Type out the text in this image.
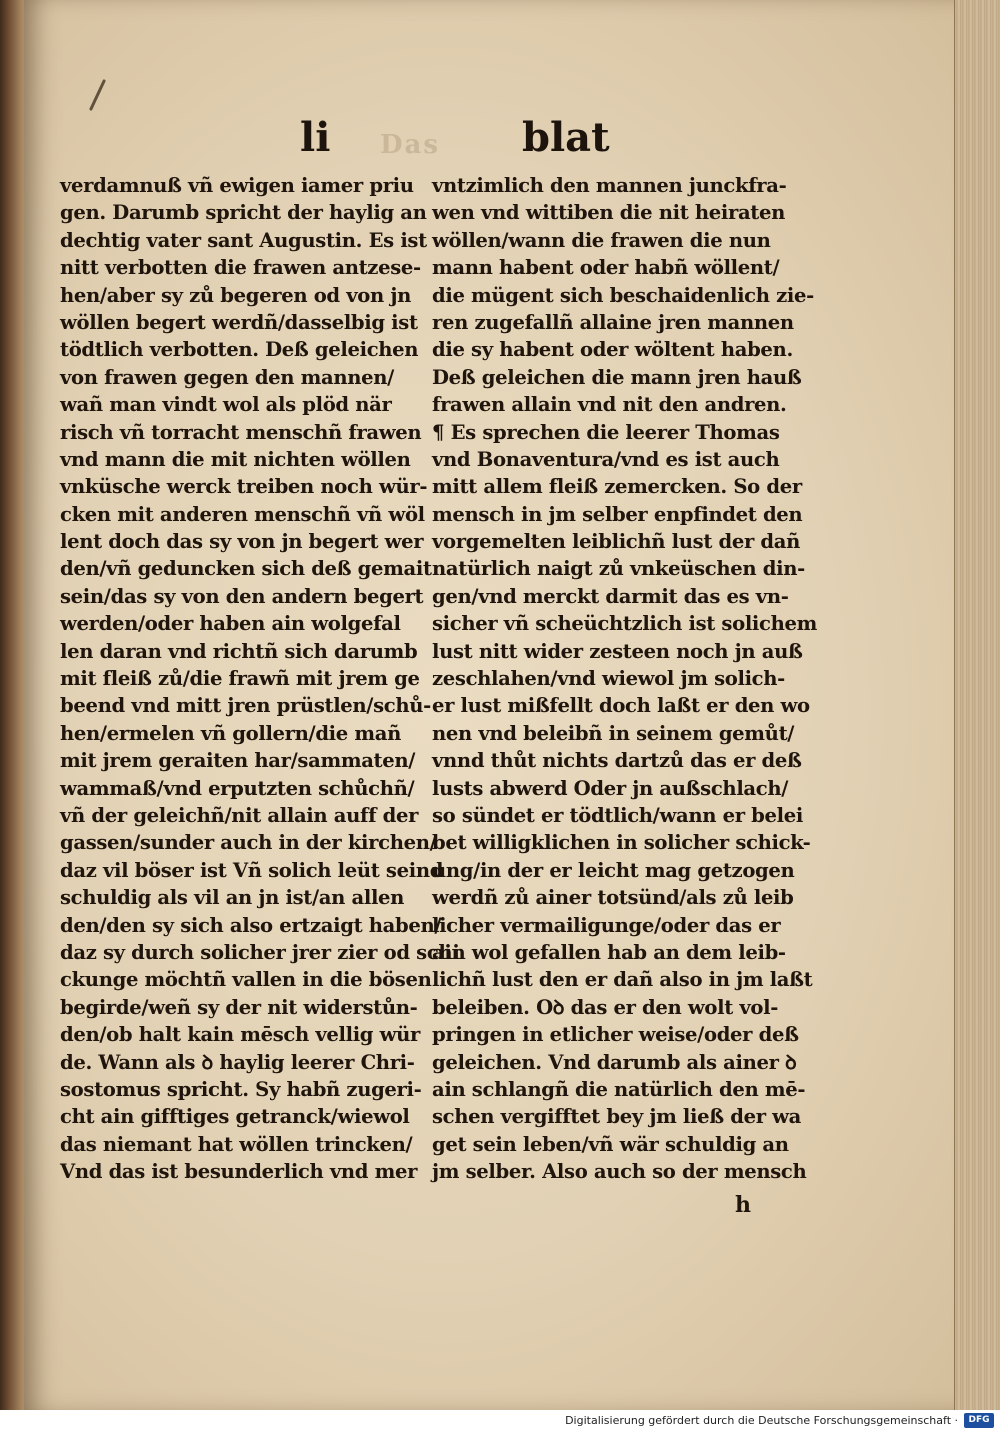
Das
li	blat
verdamnuß vñ ewigen iamer priu
gen. Darumb spricht der haylig an
dechtig vater sant Augustin. Es ist
nitt verbotten die frawen antzese-
hen/aber sy zů begeren od von jn
wöllen begert werdñ/dasselbig ist
tödtlich verbotten. Deß geleichen
von frawen gegen den mannen/
wañ man vindt wol als plöd när
risch vñ torracht menschñ frawen
vnd mann die mit nichten wöllen
vnküsche werck treiben noch wür-
cken mit anderen menschñ vñ wöl
lent doch das sy von jn begert wer
den/vñ geduncken sich deß gemait
sein/das sy von den andern begert
werden/oder haben ain wolgefal
len daran vnd richtñ sich darumb
mit fleiß zů/die frawñ mit jrem ge
beend vnd mitt jren prüstlen/schů-
hen/ermelen vñ gollern/die mañ
mit jrem geraiten har/sammaten/
wammaß/vnd erputzten schůchñ/
vñ der geleichñ/nit allain auff der
gassen/sunder auch in der kirchen/
daz vil böser ist Vñ solich leüt seind
schuldig als vil an jn ist/an allen
den/den sy sich also ertzaigt haben/
daz sy durch solicher jrer zier od schi
ckunge möchtñ vallen in die bösen
begirde/weñ sy der nit widerstůn-
den/ob halt kain mēsch vellig wür
de. Wann als ꝺ haylig leerer Chri-
sostomus spricht. Sy habñ zugeri-
cht ain gifftiges getranck/wiewol
das niemant hat wöllen trincken/
Vnd das ist besunderlich vnd mer
vntzimlich den mannen junckfra-
wen vnd wittiben die nit heiraten
wöllen/wann die frawen die nun
mann habent oder habñ wöllent/
die mügent sich beschaidenlich zie-
ren zugefallñ allaine jren mannen
die sy habent oder wöltent haben.
Deß geleichen die mann jren hauß
frawen allain vnd nit den andren.
¶ Es sprechen die leerer Thomas
vnd Bonaventura/vnd es ist auch
mitt allem fleiß zemercken. So der
mensch in jm selber enpfindet den
vorgemelten leiblichñ lust der dañ
natürlich naigt zů vnkeüschen din-
gen/vnd merckt darmit das es vn-
sicher vñ scheüchtzlich ist solichem
lust nitt wider zesteen noch jn auß
zeschlahen/vnd wiewol jm solich-
er lust mißfellt doch laßt er den wo
nen vnd beleibñ in seinem gemůt/
vnnd thůt nichts dartzů das er deß
lusts abwerd Oder jn außschlach/
so sündet er tödtlich/wann er belei
bet willigklichen in solicher schick-
ung/in der er leicht mag getzogen
werdñ zů ainer totsünd/als zů leib
licher vermailigunge/oder das er
ain wol gefallen hab an dem leib-
lichñ lust den er dañ also in jm laßt
beleiben. Oꝺ das er den wolt vol-
pringen in etlicher weise/oder deß
geleichen. Vnd darumb als ainer ꝺ
ain schlangñ die natürlich den mē-
schen vergifftet bey jm ließ der wa
get sein leben/vñ wär schuldig an
jm selber. Also auch so der mensch
h
Digitalisierung gefördert durch die Deutsche Forschungsgemeinschaft ·	DFG
